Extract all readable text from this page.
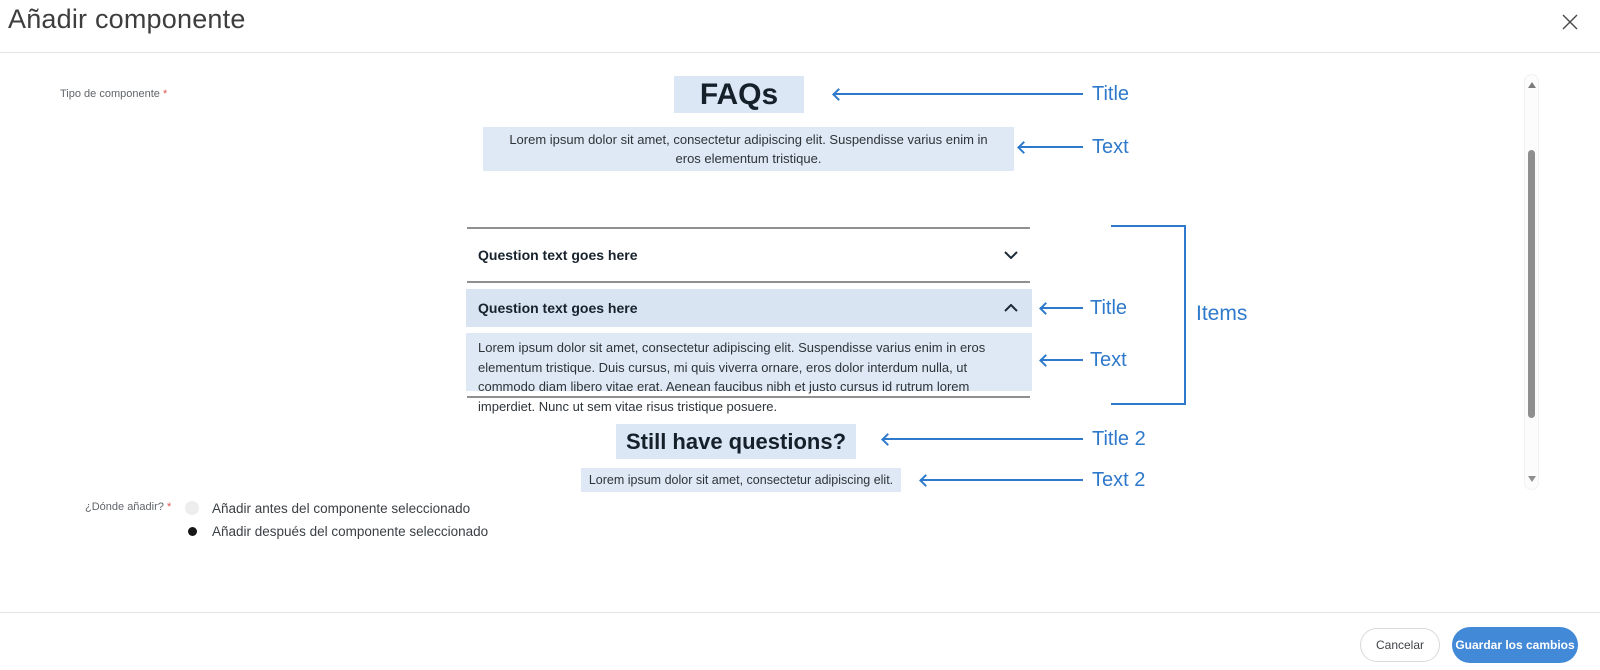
Añadir componente
Tipo de componente *	FAQs
Lorem ipsum dolor sit amet, consectetur adipiscing elit. Suspendisse varius enim in eros elementum tristique.
Question text goes here
Question text goes here
Lorem ipsum dolor sit amet, consectetur adipiscing elit. Suspendisse varius enim in eros elementum tristique. Duis cursus, mi quis viverra ornare, eros dolor interdum nulla, ut commodo diam libero vitae erat. Aenean faucibus nibh et justo cursus id rutrum lorem imperdiet. Nunc ut sem vitae risus tristique posuere.
Still have questions?
Lorem ipsum dolor sit amet, consectetur adipiscing elit.
Title
Text
Title
Text
Items
Title 2
Text 2
¿Dónde añadir? *	Añadir antes del componente seleccionado
Añadir después del componente seleccionado
Cancelar	Guardar los cambios
